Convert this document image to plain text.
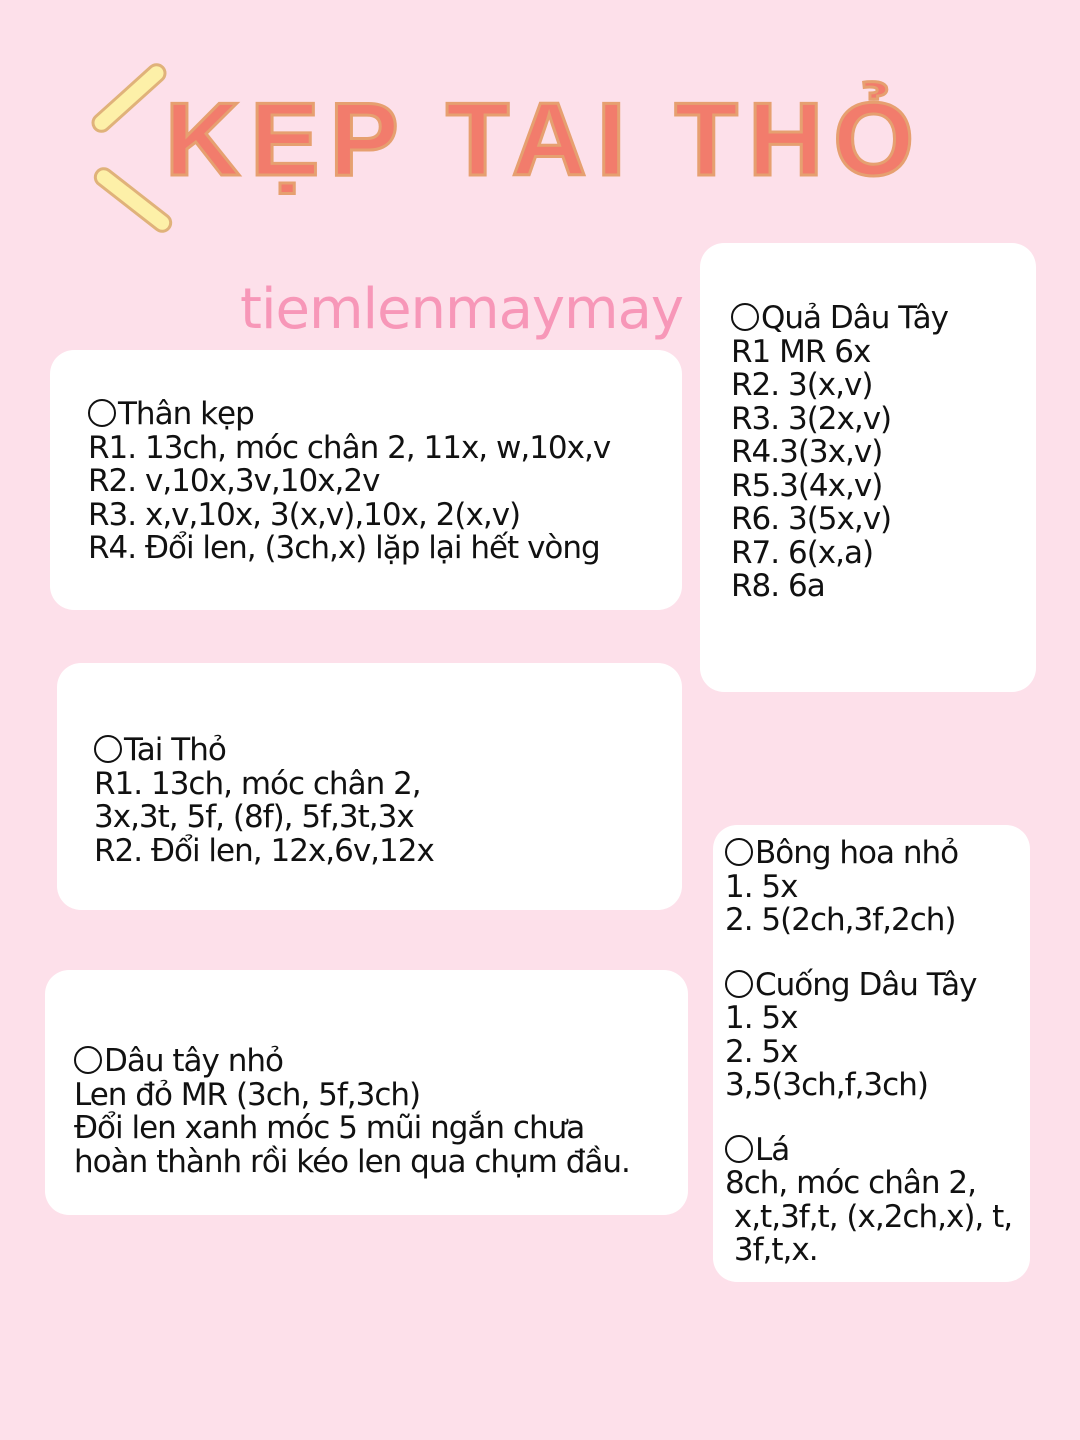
KẸP TAI THỎ
tiemlenmaymay
Thân kẹp
R1. 13ch, móc chân 2, 11x, w,10x,v
R2. v,10x,3v,10x,2v
R3. x,v,10x, 3(x,v),10x, 2(x,v)
R4. Đổi len, (3ch,x) lặp lại hết vòng
Tai Thỏ
R1. 13ch, móc chân 2,
3x,3t, 5f, (8f), 5f,3t,3x
R2. Đổi len, 12x,6v,12x
Dâu tây nhỏ
Len đỏ MR (3ch, 5f,3ch)
Đổi len xanh móc 5 mũi ngắn chưa
hoàn thành rồi kéo len qua chụm đầu.
Quả Dâu Tây
R1 MR 6x
R2. 3(x,v)
R3. 3(2x,v)
R4.3(3x,v)
R5.3(4x,v)
R6. 3(5x,v)
R7. 6(x,a)
R8. 6a
Bông hoa nhỏ
1. 5x
2. 5(2ch,3f,2ch)
Cuống Dâu Tây
1. 5x
2. 5x
3,5(3ch,f,3ch)
Lá
8ch, móc chân 2,
x,t,3f,t, (x,2ch,x), t,
3f,t,x.
